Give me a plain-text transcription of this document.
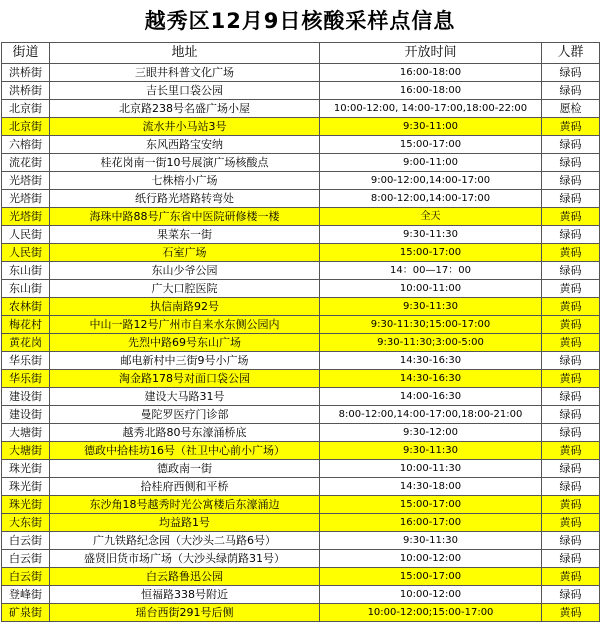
越秀区12月9日核酸采样点信息
街道	地址	开放时间	人群
洪桥街	三眼井科普文化广场	16:00-18:00	绿码
洪桥街	吉长里口袋公园	16:00-18:00	绿码
北京街	北京路238号名盛广场小屋	10:00-12:00, 14:00-17:00,18:00-22:00	愿检
北京街	流水井小马站3号	9:30-11:00	黄码
六榕街	东风西路宝安纳	15:00-17:00	绿码
流花街	桂花岗南一街10号展演广场核酸点	9:00-11:00	绿码
光塔街	七株榕小广场	9:00-12:00,14:00-17:00	绿码
光塔街	纸行路光塔路转弯处	8:00-12:00,14:00-17:00	绿码
光塔街	海珠中路88号广东省中医院研修楼一楼	全天	黄码
人民街	果菜东一街	9:30-11:30	绿码
人民街	石室广场	15:00-17:00	黄码
东山街	东山少爷公园	14：00—17：00	绿码
东山街	广大口腔医院	10:00-11:00	黄码
农林街	执信南路92号	9:30-11:30	黄码
梅花村	中山一路12号广州市自来水东侧公园内	9:30-11:30;15:00-17:00	黄码
黄花岗	先烈中路69号东山广场	9:30-11:30;3:00-5:00	黄码
华乐街	邮电新村中三街9号小广场	14:30-16:30	绿码
华乐街	淘金路178号对面口袋公园	14:30-16:30	黄码
建设街	建设大马路31号	14:00-16:30	绿码
建设街	曼陀罗医疗门诊部	8:00-12:00,14:00-17:00,18:00-21:00	绿码
大塘街	越秀北路80号东濠涌桥底	9:30-12:00	绿码
大塘街	德政中拾桂坊16号（社卫中心前小广场）	9:30-11:30	黄码
珠光街	德政南一街	10:00-11:30	绿码
珠光街	拾桂府西侧和平桥	14:30-18:00	绿码
珠光街	东沙角18号越秀时光公寓楼后东濠涌边	15:00-17:00	黄码
大东街	均益路1号	16:00-17:00	黄码
白云街	广九铁路纪念园（大沙头二马路6号）	9:30-11:30	绿码
白云街	盛贤旧货市场广场（大沙头绿荫路31号）	10:00-12:00	绿码
白云街	白云路鲁迅公园	15:00-17:00	黄码
登峰街	恒福路338号附近	10:00-12:00	绿码
矿泉街	瑶台西街291号后侧	10:00-12:00;15:00-17:00	黄码
